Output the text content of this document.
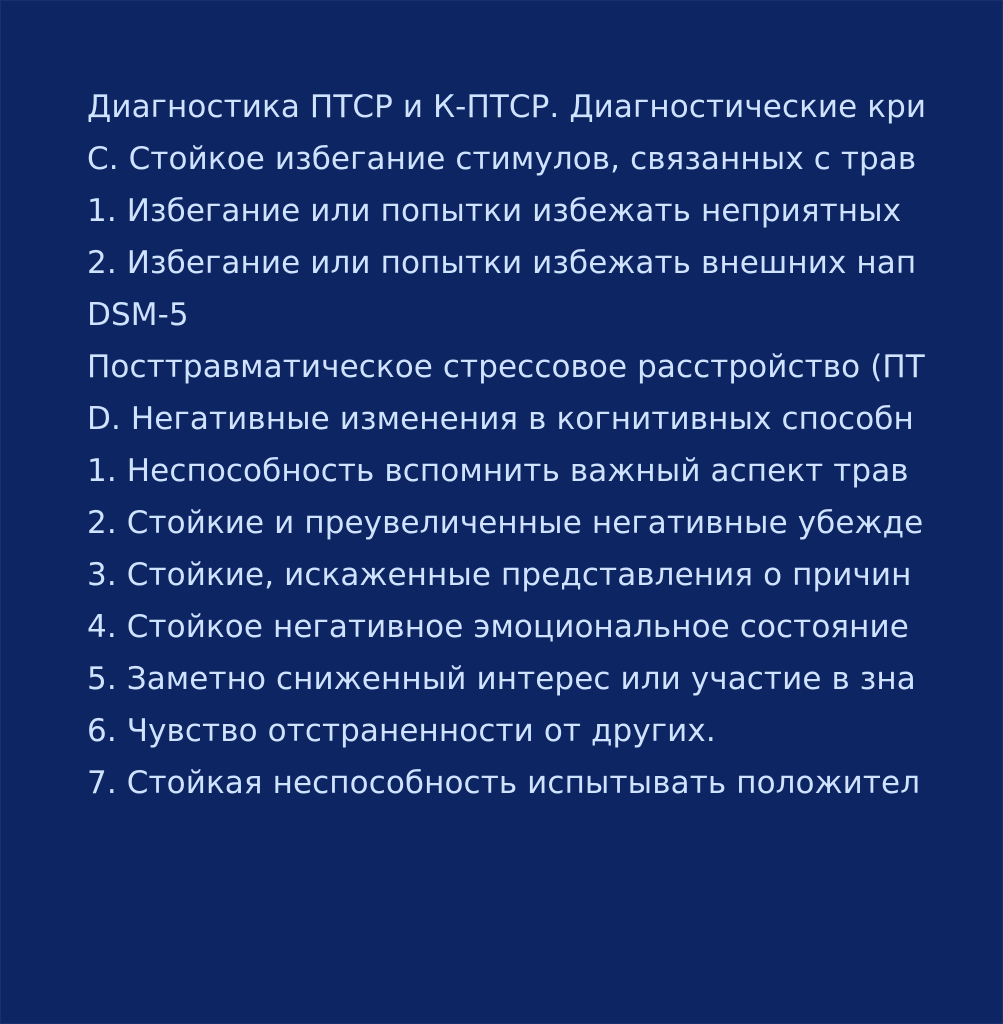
Диагностика ПТСР и К-ПТСР. Диагностические кри
C. Стойкое избегание стимулов, связанных с трав
1. Избегание или попытки избежать неприятных
2. Избегание или попытки избежать внешних нап
DSM-5
Посттравматическое стрессовое расстройство (ПТ
D. Негативные изменения в когнитивных способн
1. Неспособность вспомнить важный аспект трав
2. Стойкие и преувеличенные негативные убежде
3. Стойкие, искаженные представления о причин
4. Стойкое негативное эмоциональное состояние
5. Заметно сниженный интерес или участие в зна
6. Чувство отстраненности от других.
7. Стойкая неспособность испытывать положител
